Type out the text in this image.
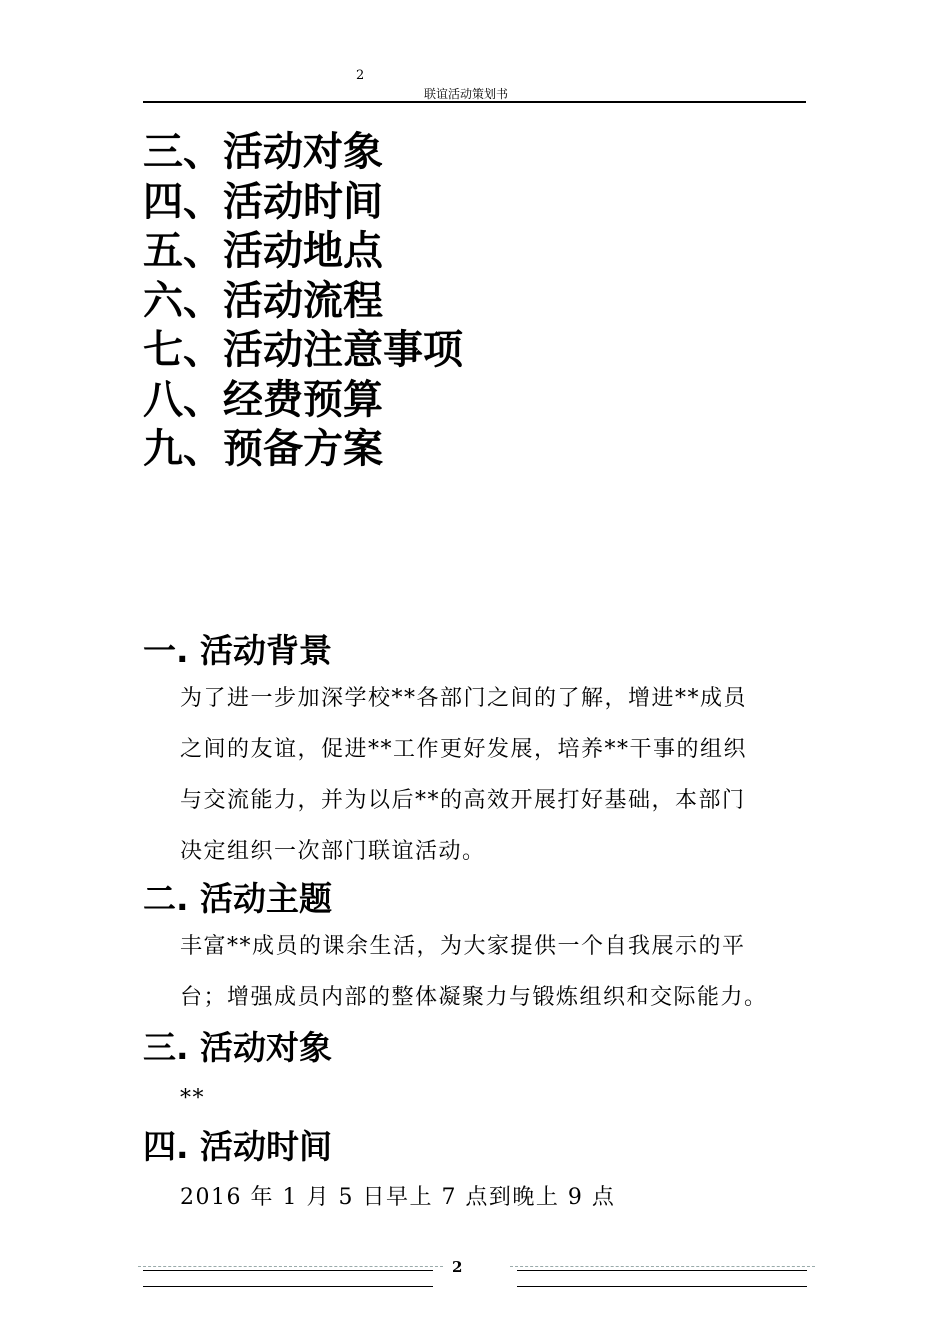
2
联谊活动策划书
三、活动对象
四、活动时间
五、活动地点
六、活动流程
七、活动注意事项
八、经费预算
九、预备方案
一. 活动背景
为了进一步加深学校**各部门之间的了解，增进**成员
之间的友谊，促进**工作更好发展，培养**干事的组织
与交流能力，并为以后**的高效开展打好基础，本部门
决定组织一次部门联谊活动。
二. 活动主题
丰富**成员的课余生活，为大家提供一个自我展示的平
台；增强成员内部的整体凝聚力与锻炼组织和交际能力。
三. 活动对象
**
四. 活动时间
2016 年 1 月 5 日早上 7 点到晚上 9 点
2
